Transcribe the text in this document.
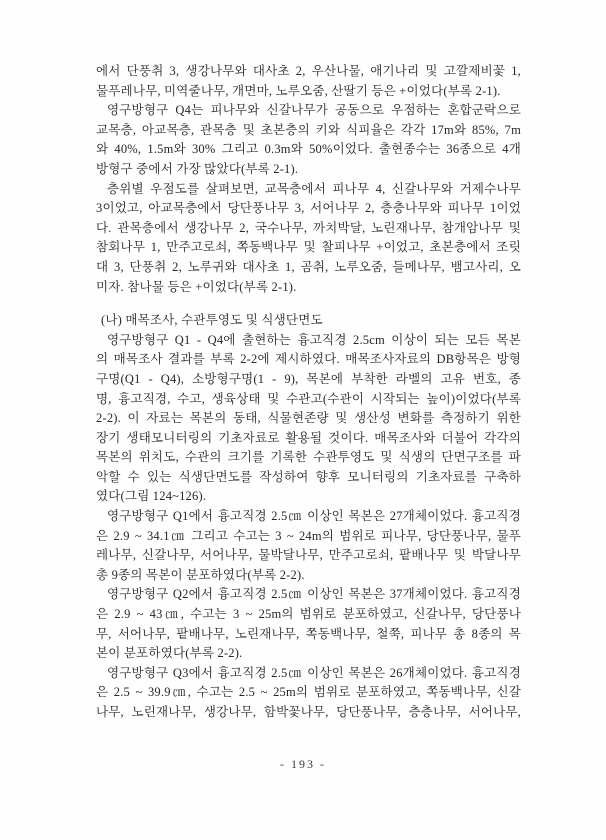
에서 단풍취 3, 생강나무와 대사초 2, 우산나물, 애기나리 및 고깔제비꽃 1,
물푸레나무, 미역줄나무, 개면마, 노루오줌, 산딸기 등은 +이었다(부록 2-1).
영구방형구 Q4는 피나무와 신갈나무가 공동으로 우점하는 혼합군락으로
교목층, 아교목층, 관목층 및 초본층의 키와 식피율은 각각 17m와 85%, 7m
와 40%, 1.5m와 30% 그리고 0.3m와 50%이었다. 출현종수는 36종으로 4개
방형구 중에서 가장 많았다(부록 2-1).
층위별 우점도를 살펴보면, 교목층에서 피나무 4, 신갈나무와 거제수나무
3이었고, 아교목층에서 당단풍나무 3, 서어나무 2, 층층나무와 피나무 1이었
다. 관목층에서 생강나무 2, 국수나무, 까치박달, 노린재나무, 참개암나무 및
참회나무 1, 만주고로쇠, 쪽동백나무 및 찰피나무 +이었고, 초본층에서 조릿
대 3, 단풍취 2, 노루귀와 대사초 1, 곰취, 노루오줌, 들메나무, 뱀고사리, 오
미자. 참나물 등은 +이었다(부록 2-1).
(나) 매목조사, 수관투영도 및 식생단면도
영구방형구 Q1 - Q4에 출현하는 흉고직경 2.5cm 이상이 되는 모든 목본
의 매목조사 결과를 부록 2-2에 제시하였다. 매목조사자료의 DB항목은 방형
구명(Q1 - Q4), 소방형구명(1 - 9), 목본에 부착한 라벨의 고유 번호, 종
명, 흉고직경, 수고, 생육상태 및 수관고(수관이 시작되는 높이)이었다(부록
2-2). 이 자료는 목본의 동태, 식물현존량 및 생산성 변화를 측정하기 위한
장기 생태모니터링의 기초자료로 활용될 것이다. 매목조사와 더불어 각각의
목본의 위치도, 수관의 크기를 기록한 수관투영도 및 식생의 단면구조를 파
악할 수 있는 식생단면도를 작성하여 향후 모니터링의 기초자료를 구축하
였다(그림 124~126).
영구방형구 Q1에서 흉고직경 2.5㎝ 이상인 목본은 27개체이었다. 흉고직경
은 2.9 ~ 34.1㎝ 그리고 수고는 3 ~ 24m의 범위로 피나무, 당단풍나무, 물푸
레나무, 신갈나무, 서어나무, 물박달나무, 만주고로쇠, 팥배나무 및 박달나무
총 9종의 목본이 분포하였다(부록 2-2).
영구방형구 Q2에서 흉고직경 2.5㎝ 이상인 목본은 37개체이었다. 흉고직경
은 2.9 ~ 43㎝, 수고는 3 ~ 25m의 범위로 분포하였고, 신갈나무, 당단풍나
무, 서어나무, 팥배나무, 노린재나무, 쪽동백나무, 철쭉, 피나무 총 8종의 목
본이 분포하였다(부록 2-2).
영구방형구 Q3에서 흉고직경 2.5㎝ 이상인 목본은 26개체이었다. 흉고직경
은 2.5 ~ 39.9㎝, 수고는 2.5 ~ 25m의 범위로 분포하였고, 쪽동백나무, 신갈
나무, 노린재나무, 생강나무, 함박꽃나무, 당단풍나무, 층층나무, 서어나무,
- 193 -
